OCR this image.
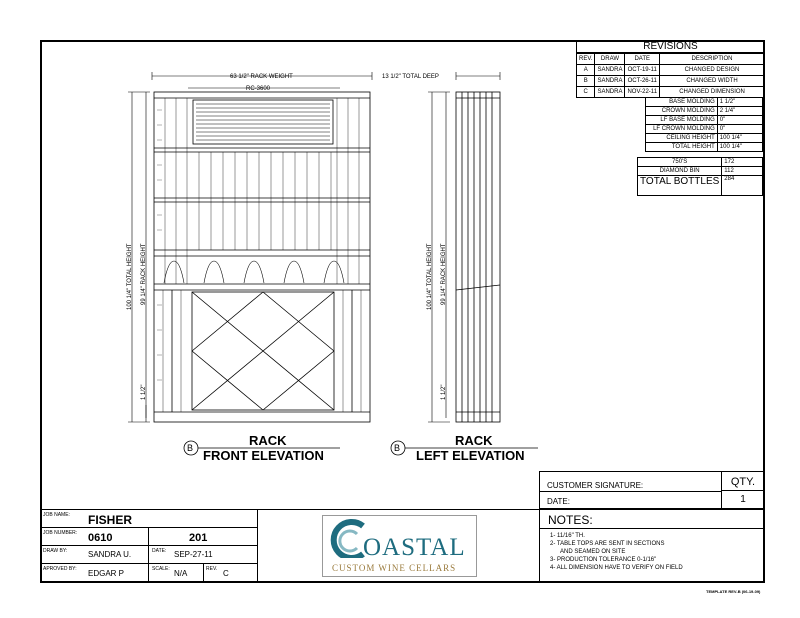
63 1/2" RACK WEIGHT
RC-3600
100 1/4" TOTAL HEIGHT 99 1/4" RACK HEIGHT
1 1/2"
13 1/2" TOTAL DEEP
100 1/4" TOTAL HEIGHT 99 1/4" RACK HEIGHT
1 1/2"
B	RACK
FRONT ELEVATION	B	RACK
LEFT ELEVATION
REVISIONS
REV.	DRAW	DATE	DESCRIPTION
A	SANDRA	OCT-19-11	CHANGED DESIGN
B	SANDRA	OCT-26-11	CHANGED WIDTH
C	SANDRA	NOV-22-11	CHANGED DIMENSION
BASE MOLDING	1 1/2"
CROWN MOLDING	2 1/4"
LF BASE MOLDING	0"
LF CROWN MOLDING	0"
CEILING HEIGHT	100 1/4"
TOTAL HEIGHT	100 1/4"
750'S	172
DIAMOND BIN	112
TOTAL BOTTLES	284
CUSTOMER SIGNATURE:
DATE:
QTY.
1
JOB NAME: FISHER
JOB NUMBER: 0610	201
DRAW BY:	SANDRA U.	DATE: SEP-27-11
APROVED BY: EDGAR P	SCALE: N/A	REV. C
OASTAL
CUSTOM WINE CELLARS
NOTES:
1- 11/16" TH.
2- TABLE TOPS ARE SENT IN SECTIONS
AND SEAMED ON SITE
3- PRODUCTION TOLERANCE 0-1/16"
4- ALL DIMENSION HAVE TO VERIFY ON FIELD
TEMPLATE REV-B (06-19-09)
